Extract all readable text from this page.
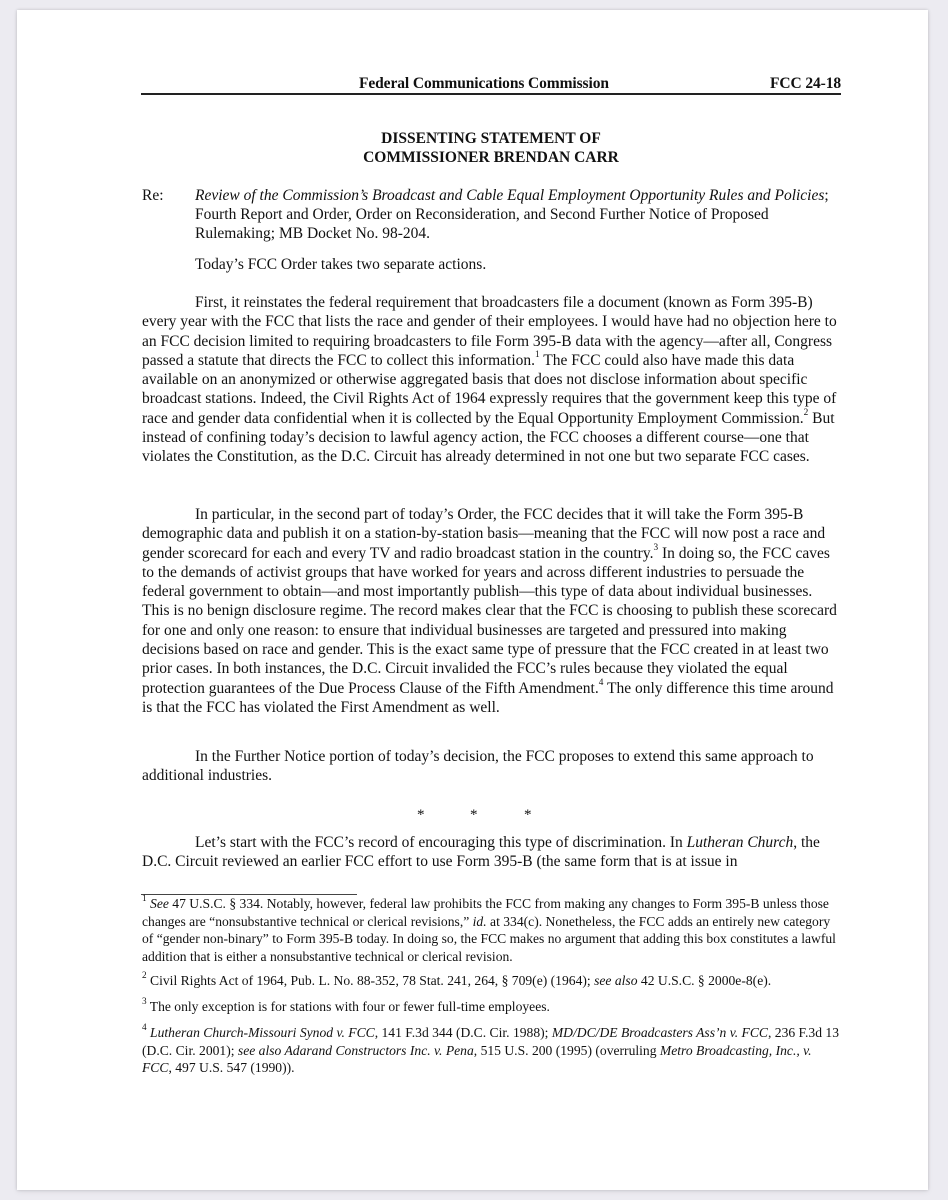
Federal Communications Commission	FCC 24-18
DISSENTING STATEMENT OF
COMMISSIONER BRENDAN CARR
Re: Review of the Commission’s Broadcast and Cable Equal Employment Opportunity Rules and Policies; Fourth Report and Order, Order on Reconsideration, and Second Further Notice of Proposed Rulemaking; MB Docket No. 98-204.

Today’s FCC Order takes two separate actions.

First, it reinstates the federal requirement that broadcasters file a document (known as Form 395-B) every year with the FCC that lists the race and gender of their employees. I would have had no objection here to an FCC decision limited to requiring broadcasters to file Form 395-B data with the agency—after all, Congress passed a statute that directs the FCC to collect this information.$^1$ The FCC could also have made this data available on an anonymized or otherwise aggregated basis that does not disclose information about specific broadcast stations. Indeed, the Civil Rights Act of 1964 expressly requires that the government keep this type of race and gender data confidential when it is collected by the Equal Opportunity Employment Commission.$^2$ But instead of confining today’s decision to lawful agency action, the FCC chooses a different course—one that violates the Constitution, as the D.C. Circuit has already determined in not one but two separate FCC cases.

In particular, in the second part of today’s Order, the FCC decides that it will take the Form 395-B demographic data and publish it on a station-by-station basis—meaning that the FCC will now post a race and gender scorecard for each and every TV and radio broadcast station in the country.$^3$ In doing so, the FCC caves to the demands of activist groups that have worked for years and across different industries to persuade the federal government to obtain—and most importantly publish—this type of data about individual businesses. This is no benign disclosure regime. The record makes clear that the FCC is choosing to publish these scorecard for one and only one reason: to ensure that individual businesses are targeted and pressured into making decisions based on race and gender. This is the exact same type of pressure that the FCC created in at least two prior cases. In both instances, the D.C. Circuit invalided the FCC’s rules because they violated the equal protection guarantees of the Due Process Clause of the Fifth Amendment.$^4$ The only difference this time around is that the FCC has violated the First Amendment as well.

In the Further Notice portion of today’s decision, the FCC proposes to extend this same approach to additional industries.

*	*	*

Let’s start with the FCC’s record of encouraging this type of discrimination. In Lutheran Church, the D.C. Circuit reviewed an earlier FCC effort to use Form 395-B (the same form that is at issue in

$^1$ See 47 U.S.C. § 334. Notably, however, federal law prohibits the FCC from making any changes to Form 395-B unless those changes are “nonsubstantive technical or clerical revisions,” id. at 334(c). Nonetheless, the FCC adds an entirely new category of “gender non-binary” to Form 395-B today. In doing so, the FCC makes no argument that adding this box constitutes a lawful addition that is either a nonsubstantive technical or clerical revision.

$^2$ Civil Rights Act of 1964, Pub. L. No. 88-352, 78 Stat. 241, 264, § 709(e) (1964); see also 42 U.S.C. § 2000e-8(e).

$^3$ The only exception is for stations with four or fewer full-time employees.

$^4$ Lutheran Church-Missouri Synod v. FCC, 141 F.3d 344 (D.C. Cir. 1988); MD/DC/DE Broadcasters Ass’n v. FCC, 236 F.3d 13 (D.C. Cir. 2001); see also Adarand Constructors Inc. v. Pena, 515 U.S. 200 (1995) (overruling Metro Broadcasting, Inc., v. FCC, 497 U.S. 547 (1990)).
